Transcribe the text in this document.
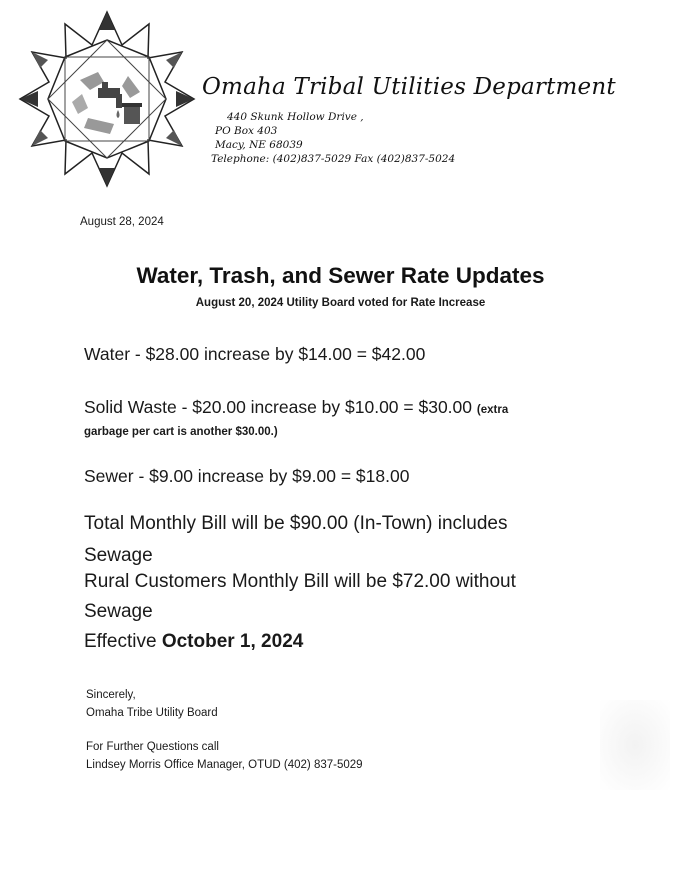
Omaha Tribal Utilities Department
440 Skunk Hollow Drive ,
PO Box 403
Macy, NE 68039
Telephone: (402)837-5029 Fax (402)837-5024
August 28, 2024
Water, Trash, and Sewer Rate Updates
August 20, 2024 Utility Board voted for Rate Increase
Water - $28.00 increase by $14.00 = $42.00
Solid Waste - $20.00 increase by $10.00 = $30.00 (extra
garbage per cart is another $30.00.)
Sewer - $9.00 increase by $9.00 = $18.00
Total Monthly Bill will be $90.00 (In-Town) includes
Sewage
Rural Customers Monthly Bill will be $72.00 without
Sewage
Effective October 1, 2024
Sincerely,
Omaha Tribe Utility Board
For Further Questions call
Lindsey Morris Office Manager, OTUD (402) 837-5029
